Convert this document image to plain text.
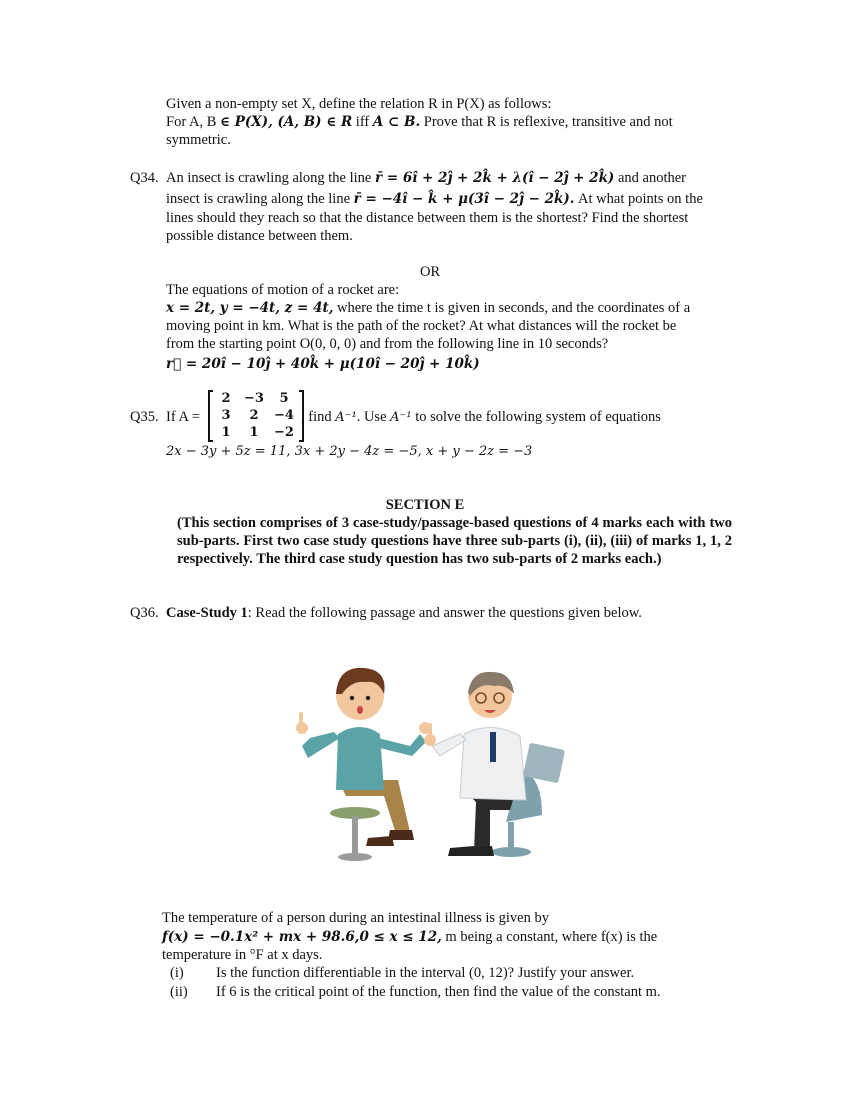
Given a non-empty set X, define the relation R in P(X) as follows:
For A, B ∈ P(X), (A, B) ∈ R iff A ⊂ B. Prove that R is reflexive, transitive and not
symmetric.
Q34. An insect is crawling along the line r̄ = 6î + 2ĵ + 2k̂ + λ(î − 2ĵ + 2k̂) and another
insect is crawling along the line r̄ = −4î − k̂ + μ(3î − 2ĵ − 2k̂). At what points on the
lines should they reach so that the distance between them is the shortest? Find the shortest
possible distance between them.
OR
The equations of motion of a rocket are:
x = 2t, y = −4t, z = 4t, where the time t is given in seconds, and the coordinates of a
moving point in km. What is the path of the rocket? At what distances will the rocket be
from the starting point O(0, 0, 0) and from the following line in 10 seconds?
r⃗ = 20î − 10ĵ + 40k̂ + μ(10î − 20ĵ + 10k̂)
Q35. If A =
2	−3	5
3	2	−4
1	1	−2
, find A⁻¹. Use A⁻¹ to solve the following system of equations
2x − 3y + 5z = 11, 3x + 2y − 4z = −5, x + y − 2z = −3
SECTION E
(This section comprises of 3 case-study/passage-based questions of 4 marks each with two sub-parts. First two case study questions have three sub-parts (i), (ii), (iii) of marks 1, 1, 2 respectively. The third case study question has two sub-parts of 2 marks each.)
Q36. Case-Study 1: Read the following passage and answer the questions given below.
The temperature of a person during an intestinal illness is given by
f(x) = −0.1x² + mx + 98.6,0 ≤ x ≤ 12, m being a constant, where f(x) is the
temperature in °F at x days.
(i) Is the function differentiable in the interval (0, 12)? Justify your answer.
(ii) If 6 is the critical point of the function, then find the value of the constant m.
